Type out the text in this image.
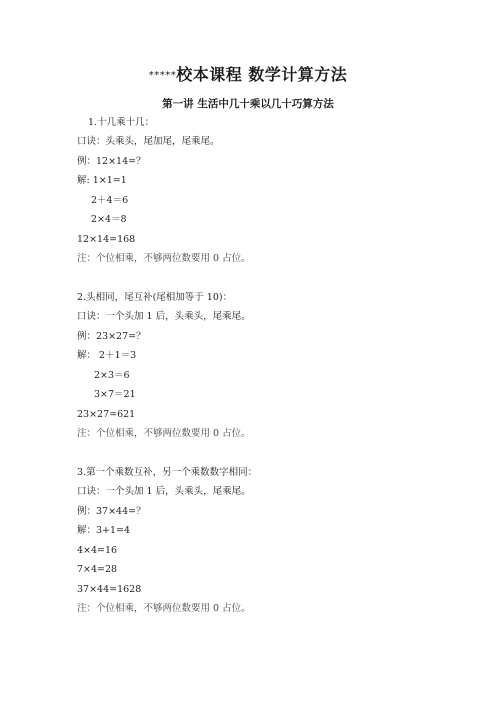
*****校本课程 数学计算方法
第一讲 生活中几十乘以几十巧算方法
1.十几乘十几：
口诀：头乘头，尾加尾，尾乘尾。
例：12×14=？
解: 1×1=1
2＋4＝6
2×4＝8
12×14=168
注：个位相乘，不够两位数要用 0 占位。
2.头相同，尾互补(尾相加等于 10)：
口诀：一个头加 1 后，头乘头，尾乘尾。
例：23×27=？
解： 2＋1＝3
2×3＝6
3×7＝21
23×27=621
注：个位相乘，不够两位数要用 0 占位。
3.第一个乘数互补，另一个乘数数字相同：
口诀：一个头加 1 后，头乘头，尾乘尾。
例：37×44=？
解：3+1=4
4×4=16
7×4=28
37×44=1628
注：个位相乘，不够两位数要用 0 占位。
